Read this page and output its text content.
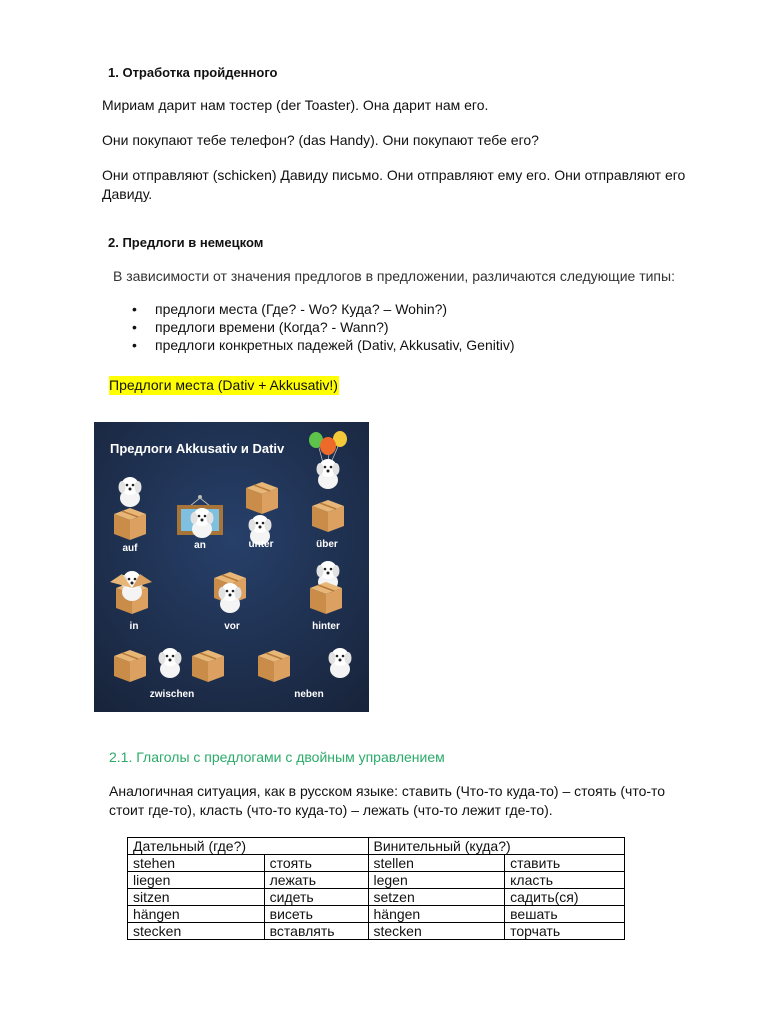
1. Отработка пройденного
Мириам дарит нам тостер (der Toaster). Она дарит нам его.
Они покупают тебе телефон? (das Handy). Они покупают тебе его?
Они отправляют (schicken) Давиду письмо. Они отправляют ему его. Они отправляют его
Давиду.
2. Предлоги в немецком
В зависимости от значения предлогов в предложении, различаются следующие типы:
• предлоги места (Где? - Wo? Куда? – Wohin?)
• предлоги времени (Когда? - Wann?)
• предлоги конкретных падежей (Dativ, Akkusativ, Genitiv)
Предлоги места (Dativ + Akkusativ!)
Предлоги Akkusativ и Dativ
auf	an	unter	über
in	vor	hinter
zwischen	neben
2.1. Глаголы с предлогами с двойным управлением
Аналогичная ситуация, как в русском языке: ставить (Что-то куда-то) – стоять (что-то
стоит где-то), класть (что-то куда-то) – лежать (что-то лежит где-то).
Дательный (где?)		Винительный (куда?)	
stehen	стоять	stellen	ставить
liegen	лежать	legen	класть
sitzen	сидеть	setzen	садить(ся)
hängen	висеть	hängen	вешать
stecken	вставлять	stecken	торчать
